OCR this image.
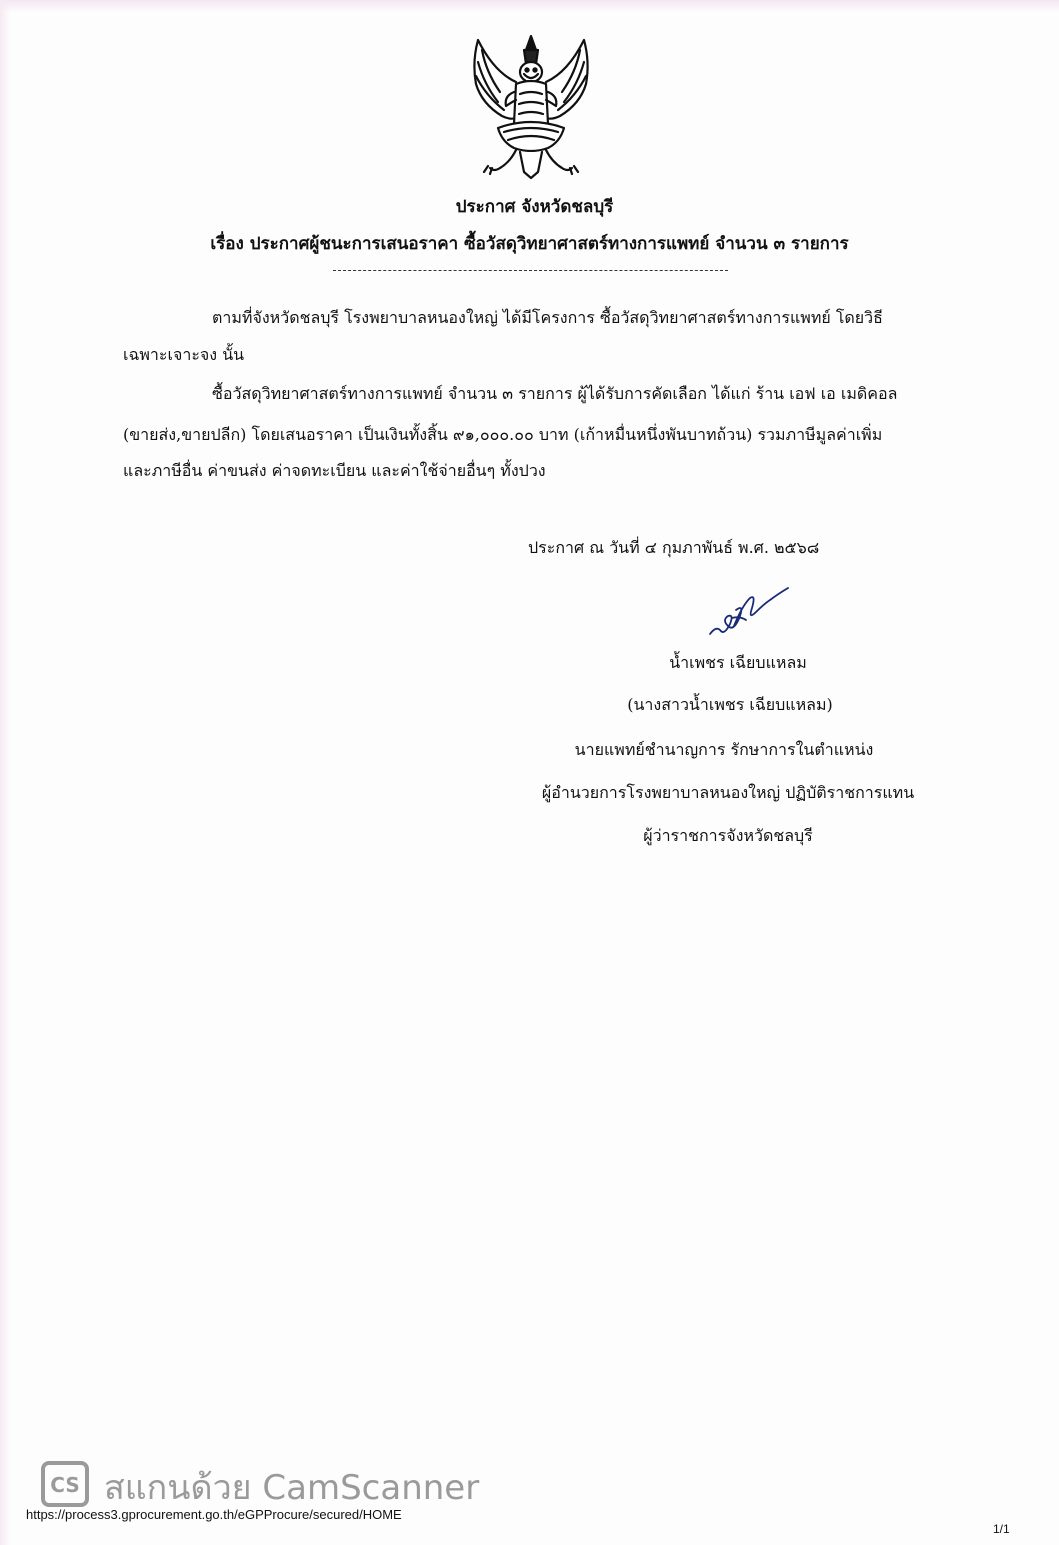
ประกาศ จังหวัดชลบุรี
เรื่อง ประกาศผู้ชนะการเสนอราคา ซื้อวัสดุวิทยาศาสตร์ทางการแพทย์ จำนวน ๓ รายการ
ตามที่จังหวัดชลบุรี โรงพยาบาลหนองใหญ่ ได้มีโครงการ ซื้อวัสดุวิทยาศาสตร์ทางการแพทย์ โดยวิธี
เฉพาะเจาะจง นั้น
ซื้อวัสดุวิทยาศาสตร์ทางการแพทย์ จำนวน ๓ รายการ ผู้ได้รับการคัดเลือก ได้แก่ ร้าน เอฟ เอ เมดิคอล
(ขายส่ง,ขายปลีก) โดยเสนอราคา เป็นเงินทั้งสิ้น ๙๑,๐๐๐.๐๐ บาท (เก้าหมื่นหนึ่งพันบาทถ้วน) รวมภาษีมูลค่าเพิ่ม
และภาษีอื่น ค่าขนส่ง ค่าจดทะเบียน และค่าใช้จ่ายอื่นๆ ทั้งปวง
ประกาศ ณ วันที่ ๔ กุมภาพันธ์ พ.ศ. ๒๕๖๘
น้ำเพชร เฉียบแหลม
(นางสาวน้ำเพชร เฉียบแหลม)
นายแพทย์ชำนาญการ รักษาการในตำแหน่ง
ผู้อำนวยการโรงพยาบาลหนองใหญ่ ปฏิบัติราชการแทน
ผู้ว่าราชการจังหวัดชลบุรี
CS สแกนด้วย CamScanner
https://process3.gprocurement.go.th/eGPProcure/secured/HOME
1/1
